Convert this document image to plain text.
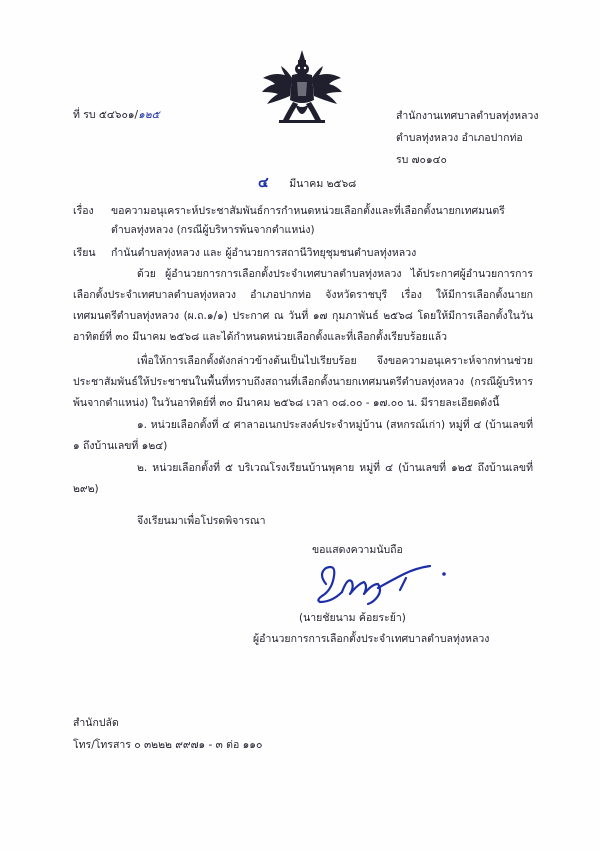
ที่ รบ ๕๔๖๐๑/๑๒๕	สำนักงานเทศบาลตำบลทุ่งหลวง
ตำบลทุ่งหลวง อำเภอปากท่อ
รบ ๗๐๑๔๐
๔ มีนาคม ๒๕๖๘
เรื่อง ขอความอนุเคราะห์ประชาสัมพันธ์การกำหนดหน่วยเลือกตั้งและที่เลือกตั้งนายกเทศมนตรี
ตำบลทุ่งหลวง (กรณีผู้บริหารพ้นจากตำแหน่ง)
เรียน กำนันตำบลทุ่งหลวง และ ผู้อำนวยการสถานีวิทยุชุมชนตำบลทุ่งหลวง
ด้วย ผู้อำนวยการการเลือกตั้งประจำเทศบาลตำบลทุ่งหลวง ได้ประกาศผู้อำนวยการการเลือกตั้งประจำเทศบาลตำบลทุ่งหลวง อำเภอปากท่อ จังหวัดราชบุรี เรื่อง ให้มีการเลือกตั้งนายกเทศมนตรีตำบลทุ่งหลวง (ผ.ถ.๑/๑) ประกาศ ณ วันที่ ๑๗ กุมภาพันธ์ ๒๕๖๘ โดยให้มีการเลือกตั้งในวันอาทิตย์ที่ ๓๐ มีนาคม ๒๕๖๘ และได้กำหนดหน่วยเลือกตั้งและที่เลือกตั้งเรียบร้อยแล้ว
เพื่อให้การเลือกตั้งดังกล่าวข้างต้นเป็นไปเรียบร้อย จึงขอความอนุเคราะห์จากท่านช่วยประชาสัมพันธ์ให้ประชาชนในพื้นที่ทราบถึงสถานที่เลือกตั้งนายกเทศมนตรีตำบลทุ่งหลวง (กรณีผู้บริหารพ้นจากตำแหน่ง) ในวันอาทิตย์ที่ ๓๐ มีนาคม ๒๕๖๘ เวลา ๐๘.๐๐ - ๑๗.๐๐ น. มีรายละเอียดดังนี้
๑. หน่วยเลือกตั้งที่ ๔ ศาลาอเนกประสงค์ประจำหมู่บ้าน (สหกรณ์เก่า) หมู่ที่ ๔ (บ้านเลขที่ ๑ ถึงบ้านเลขที่ ๑๒๔)
๒. หน่วยเลือกตั้งที่ ๕ บริเวณโรงเรียนบ้านพุคาย หมู่ที่ ๔ (บ้านเลขที่ ๑๒๕ ถึงบ้านเลขที่ ๒๙๒)
จึงเรียนมาเพื่อโปรดพิจารณา
ขอแสดงความนับถือ
(นายชัยนาม ค้อยระย้า)
ผู้อำนวยการการเลือกตั้งประจำเทศบาลตำบลทุ่งหลวง
สำนักปลัด
โทร/โทรสาร ๐ ๓๒๒๒ ๙๙๗๑ - ๓ ต่อ ๑๑๐
